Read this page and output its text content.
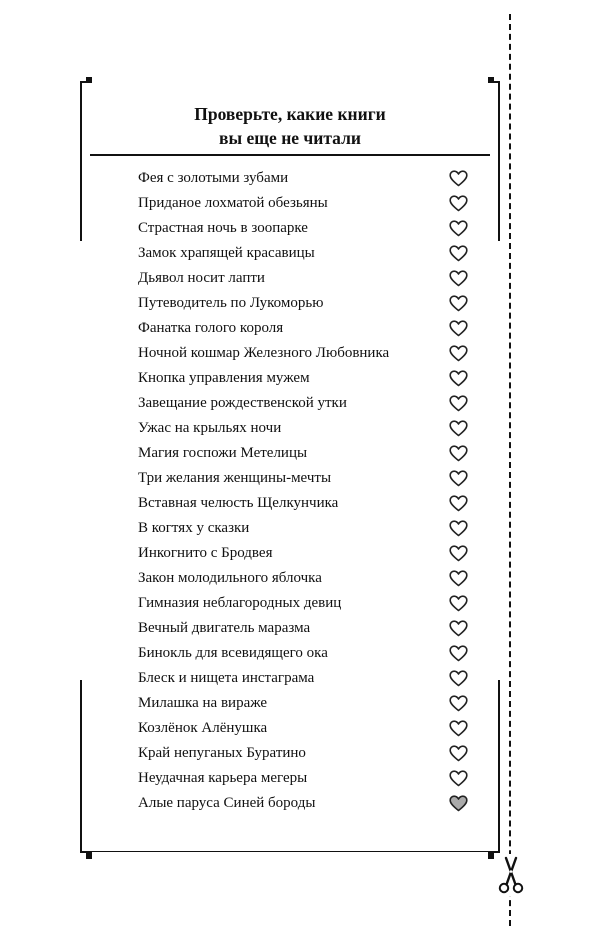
Проверьте, какие книги
вы еще не читали
Фея с золотыми зубами
Приданое лохматой обезьяны
Страстная ночь в зоопарке
Замок храпящей красавицы
Дьявол носит лапти
Путеводитель по Лукоморью
Фанатка голого короля
Ночной кошмар Железного Любовника
Кнопка управления мужем
Завещание рождественской утки
Ужас на крыльях ночи
Магия госпожи Метелицы
Три желания женщины-мечты
Вставная челюсть Щелкунчика
В когтях у сказки
Инкогнито с Бродвея
Закон молодильного яблочка
Гимназия неблагородных девиц
Вечный двигатель маразма
Бинокль для всевидящего ока
Блеск и нищета инстаграма
Милашка на вираже
Козлёнок Алёнушка
Край непуганых Буратино
Неудачная карьера мегеры
Алые паруса Синей бороды
